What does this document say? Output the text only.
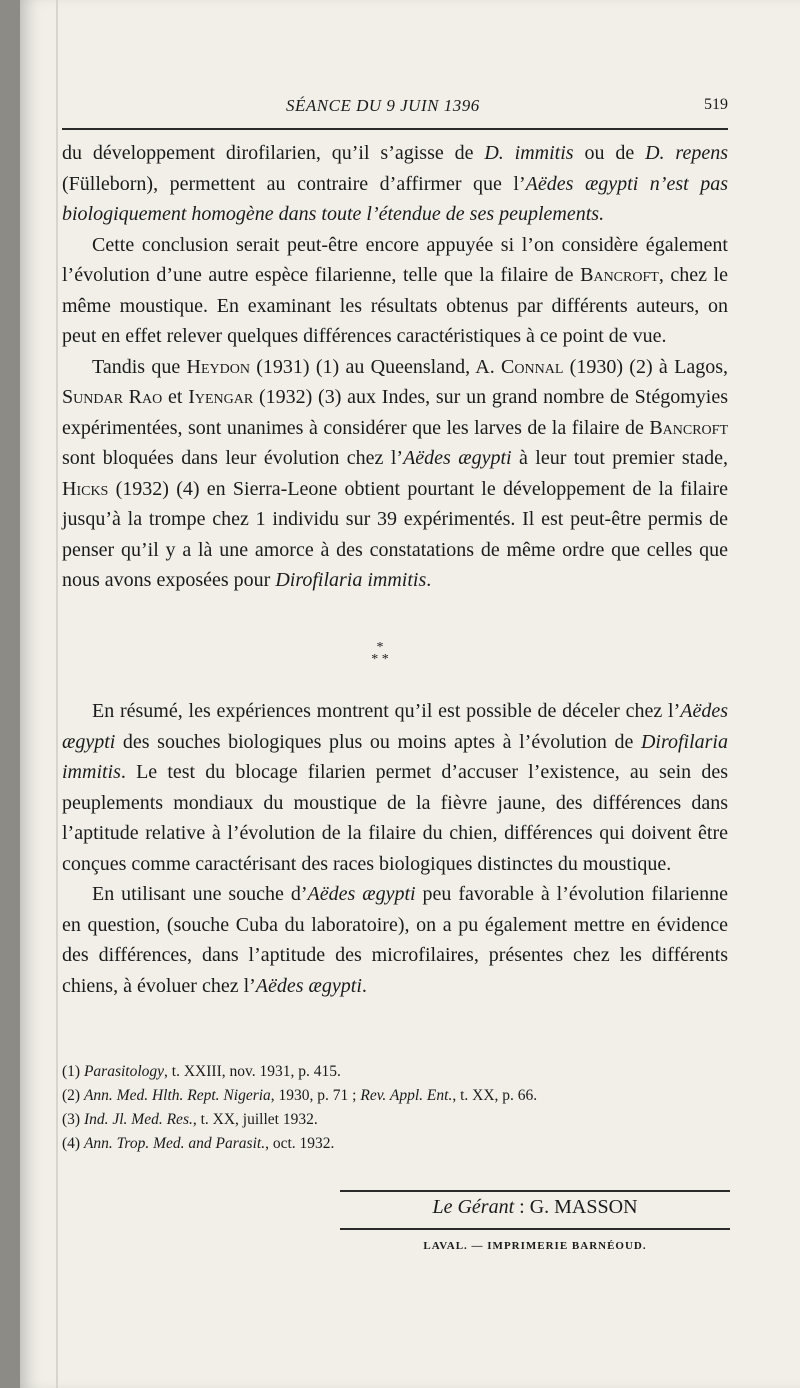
SÉANCE DU 9 JUIN 1396	519

du développement dirofilarien, qu’il s’agisse de D. immitis ou de D. repens (Fülleborn), permettent au contraire d’affirmer que l’Aëdes ægypti n’est pas biologiquement homogène dans toute l’étendue de ses peuplements.

Cette conclusion serait peut-être encore appuyée si l’on considère également l’évolution d’une autre espèce filarienne, telle que la filaire de Bancroft, chez le même moustique. En examinant les résultats obtenus par différents auteurs, on peut en effet relever quelques différences caractéristiques à ce point de vue.

Tandis que Heydon (1931) (1) au Queensland, A. Connal (1930) (2) à Lagos, Sundar Rao et Iyengar (1932) (3) aux Indes, sur un grand nombre de Stégomyies expérimentées, sont unanimes à considérer que les larves de la filaire de Bancroft sont bloquées dans leur évolution chez l’Aëdes ægypti à leur tout premier stade, Hicks (1932) (4) en Sierra-Leone obtient pourtant le développement de la filaire jusqu’à la trompe chez 1 individu sur 39 expérimentés. Il est peut-être permis de penser qu’il y a là une amorce à des constatations de même ordre que celles que nous avons exposées pour Dirofilaria immitis.

*
* *

En résumé, les expériences montrent qu’il est possible de déceler chez l’Aëdes ægypti des souches biologiques plus ou moins aptes à l’évolution de Dirofilaria immitis. Le test du blocage filarien permet d’accuser l’existence, au sein des peuplements mondiaux du moustique de la fièvre jaune, des différences dans l’aptitude relative à l’évolution de la filaire du chien, différences qui doivent être conçues comme caractérisant des races biologiques distinctes du moustique.

En utilisant une souche d’Aëdes ægypti peu favorable à l’évolution filarienne en question, (souche Cuba du laboratoire), on a pu également mettre en évidence des différences, dans l’aptitude des microfilaires, présentes chez les différents chiens, à évoluer chez l’Aëdes ægypti.

(1) Parasitology, t. XXIII, nov. 1931, p. 415.

(2) Ann. Med. Hlth. Rept. Nigeria, 1930, p. 71 ; Rev. Appl. Ent., t. XX, p. 66.

(3) Ind. Jl. Med. Res., t. XX, juillet 1932.

(4) Ann. Trop. Med. and Parasit., oct. 1932.

Le Gérant : G. MASSON
LAVAL. — IMPRIMERIE BARNÉOUD.
